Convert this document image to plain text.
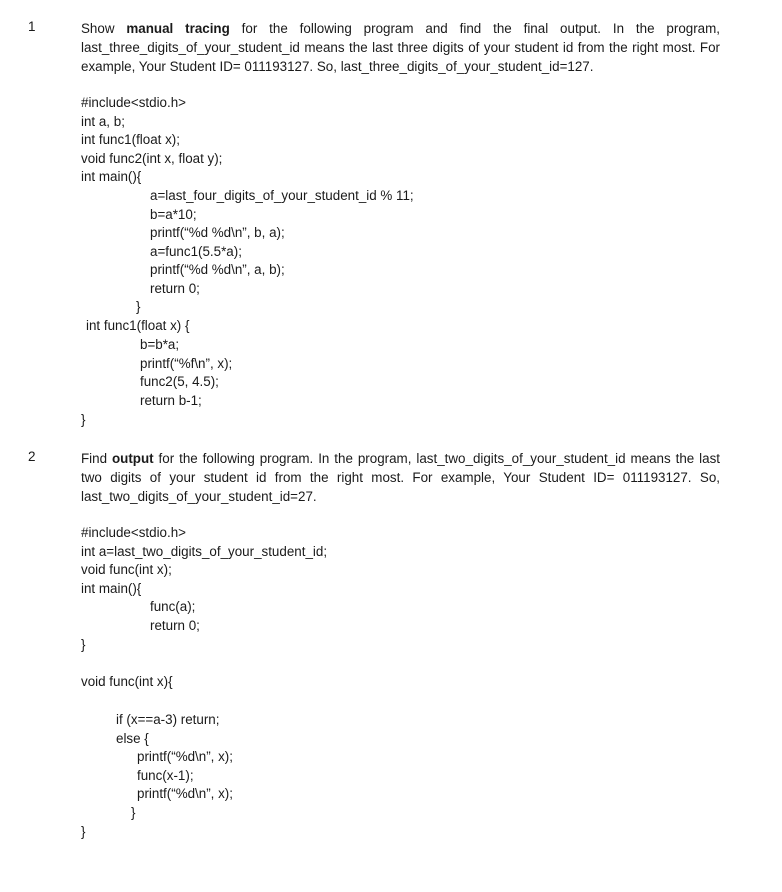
1	Show manual tracing for the following program and find the final output. In the program, last_three_digits_of_your_student_id means the last three digits of your student id from the right most. For example, Your Student ID= 011193127. So, last_three_digits_of_your_student_id=127.
#include<stdio.h>
int a, b;
int func1(float x);
void func2(int x, float y);
int main(){
a=last_four_digits_of_your_student_id % 11;
b=a*10;
printf(“%d %d\n”, b, a);
a=func1(5.5*a);
printf(“%d %d\n”, a, b);
return 0;
}
int func1(float x) {
b=b*a;
printf(“%f\n”, x);
func2(5, 4.5);
return b-1;
}
2	Find output for the following program. In the program, last_two_digits_of_your_student_id means the last two digits of your student id from the right most. For example, Your Student ID= 011193127. So, last_two_digits_of_your_student_id=27.
#include<stdio.h>
int a=last_two_digits_of_your_student_id;
void func(int x);
int main(){
func(a);
return 0;
}
void func(int x){
if (x==a-3) return;
else {
printf(“%d\n”, x);
func(x-1);
printf(“%d\n”, x);
}
}
